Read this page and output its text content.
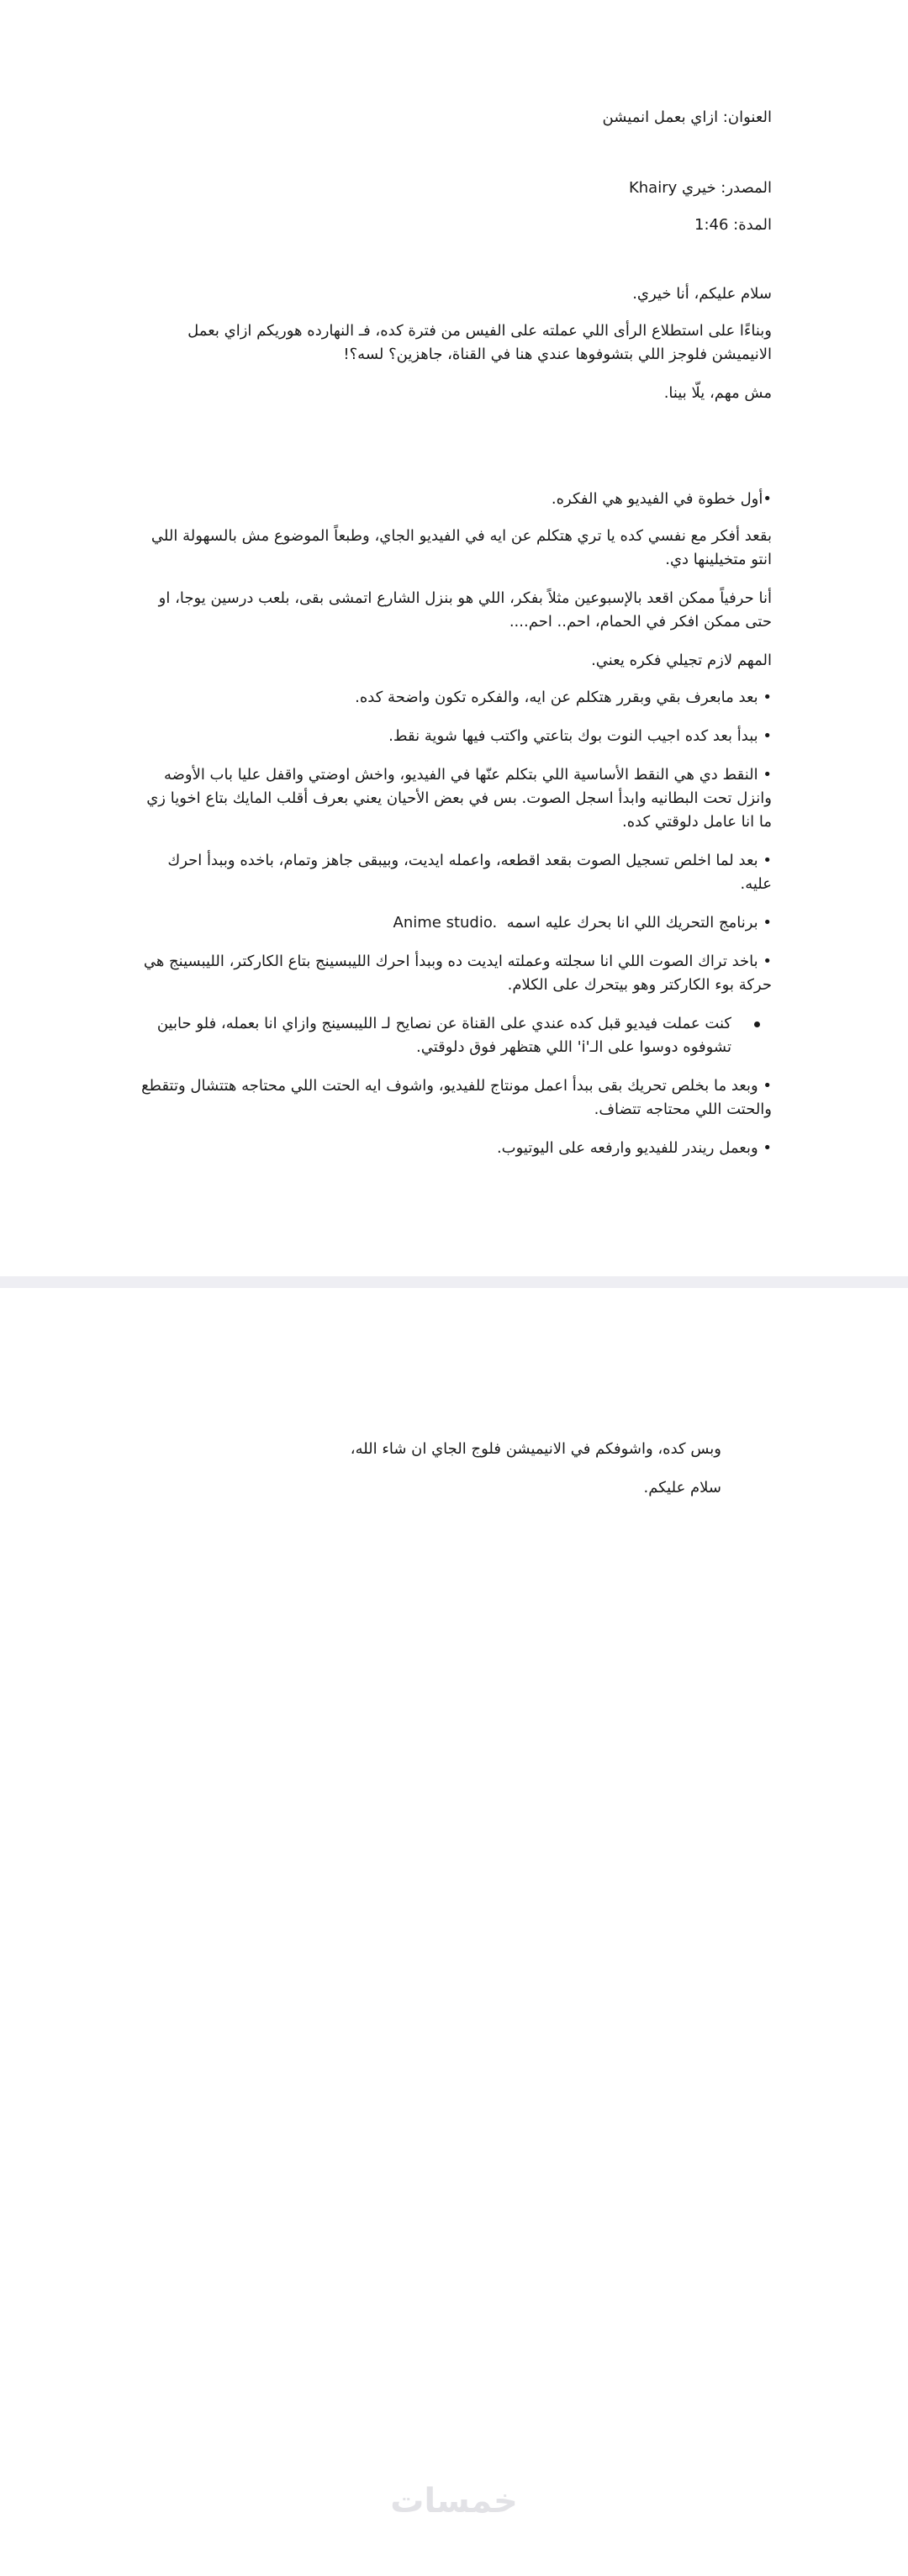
العنوان: ازاي بعمل انميشن

المصدر: خيري Khairy

المدة: 1:46

سلام عليكم، أنا خيري.

وبناءًا على استطلاع الرأى اللي عملته على الفيس من فترة كده، فـ النهارده هوريكم ازاي بعمل الانيميشن فلوجز اللي بتشوفوها عندي هنا في القناة، جاهزين؟ لسه؟!

مش مهم، يلّا بينا.

•أول خطوة في الفيديو هي الفكره.

بقعد أفكر مع نفسي كده يا تري هتكلم عن ايه في الفيديو الجاي، وطبعاً الموضوع مش بالسهولة اللي انتو متخيلينها دي.

أنا حرفياً ممكن اقعد بالإسبوعين مثلاً بفكر، اللي هو بنزل الشارع اتمشى بقى، بلعب درسين يوجا، او حتى ممكن افكر في الحمام، احم.. احم....

المهم لازم تجيلي فكره يعني.

• بعد مابعرف بقي وبقرر هتكلم عن ايه، والفكره تكون واضحة كده.
• ببدأ بعد كده اجيب النوت بوك بتاعتي واكتب فيها شوية نقط.
• النقط دي هي النقط الأساسية اللي بتكلم عنّها في الفيديو، واخش اوضتي واقفل عليا باب الأوضه وانزل تحت البطانيه وابدأ اسجل الصوت. بس في بعض الأحيان يعني بعرف أقلب المايك بتاع اخويا زي ما انا عامل دلوقتي كده.
• بعد لما اخلص تسجيل الصوت بقعد اقطعه، واعمله ايديت، وبيبقى جاهز وتمام، باخده وببدأ احرك عليه.
• برنامج التحريك اللي انا بحرك عليه اسمه  Anime studio.
• باخد تراك الصوت اللي انا سجلته وعملته ايديت ده وببدأ احرك الليبسينج بتاع الكاركتر، الليبسينج هي حركة بوء الكاركتر وهو بيتحرك على الكلام.
كنت عملت فيديو قبل كده عندي على القناة عن نصايح لـ الليبسينج وازاي انا بعمله، فلو حابين تشوفوه دوسوا على الـ'i' اللي هتظهر فوق دلوقتي.
• وبعد ما بخلص تحريك بقى ببدأ اعمل مونتاج للفيديو، واشوف ايه الحتت اللي محتاجه هتتشال وتتقطع والحتت اللي محتاجه تتضاف.
• وبعمل ريندر للفيديو وارفعه على اليوتيوب.

وبس كده، واشوفكم في الانيميشن فلوج الجاي ان شاء الله،

سلام عليكم.

خمسات
